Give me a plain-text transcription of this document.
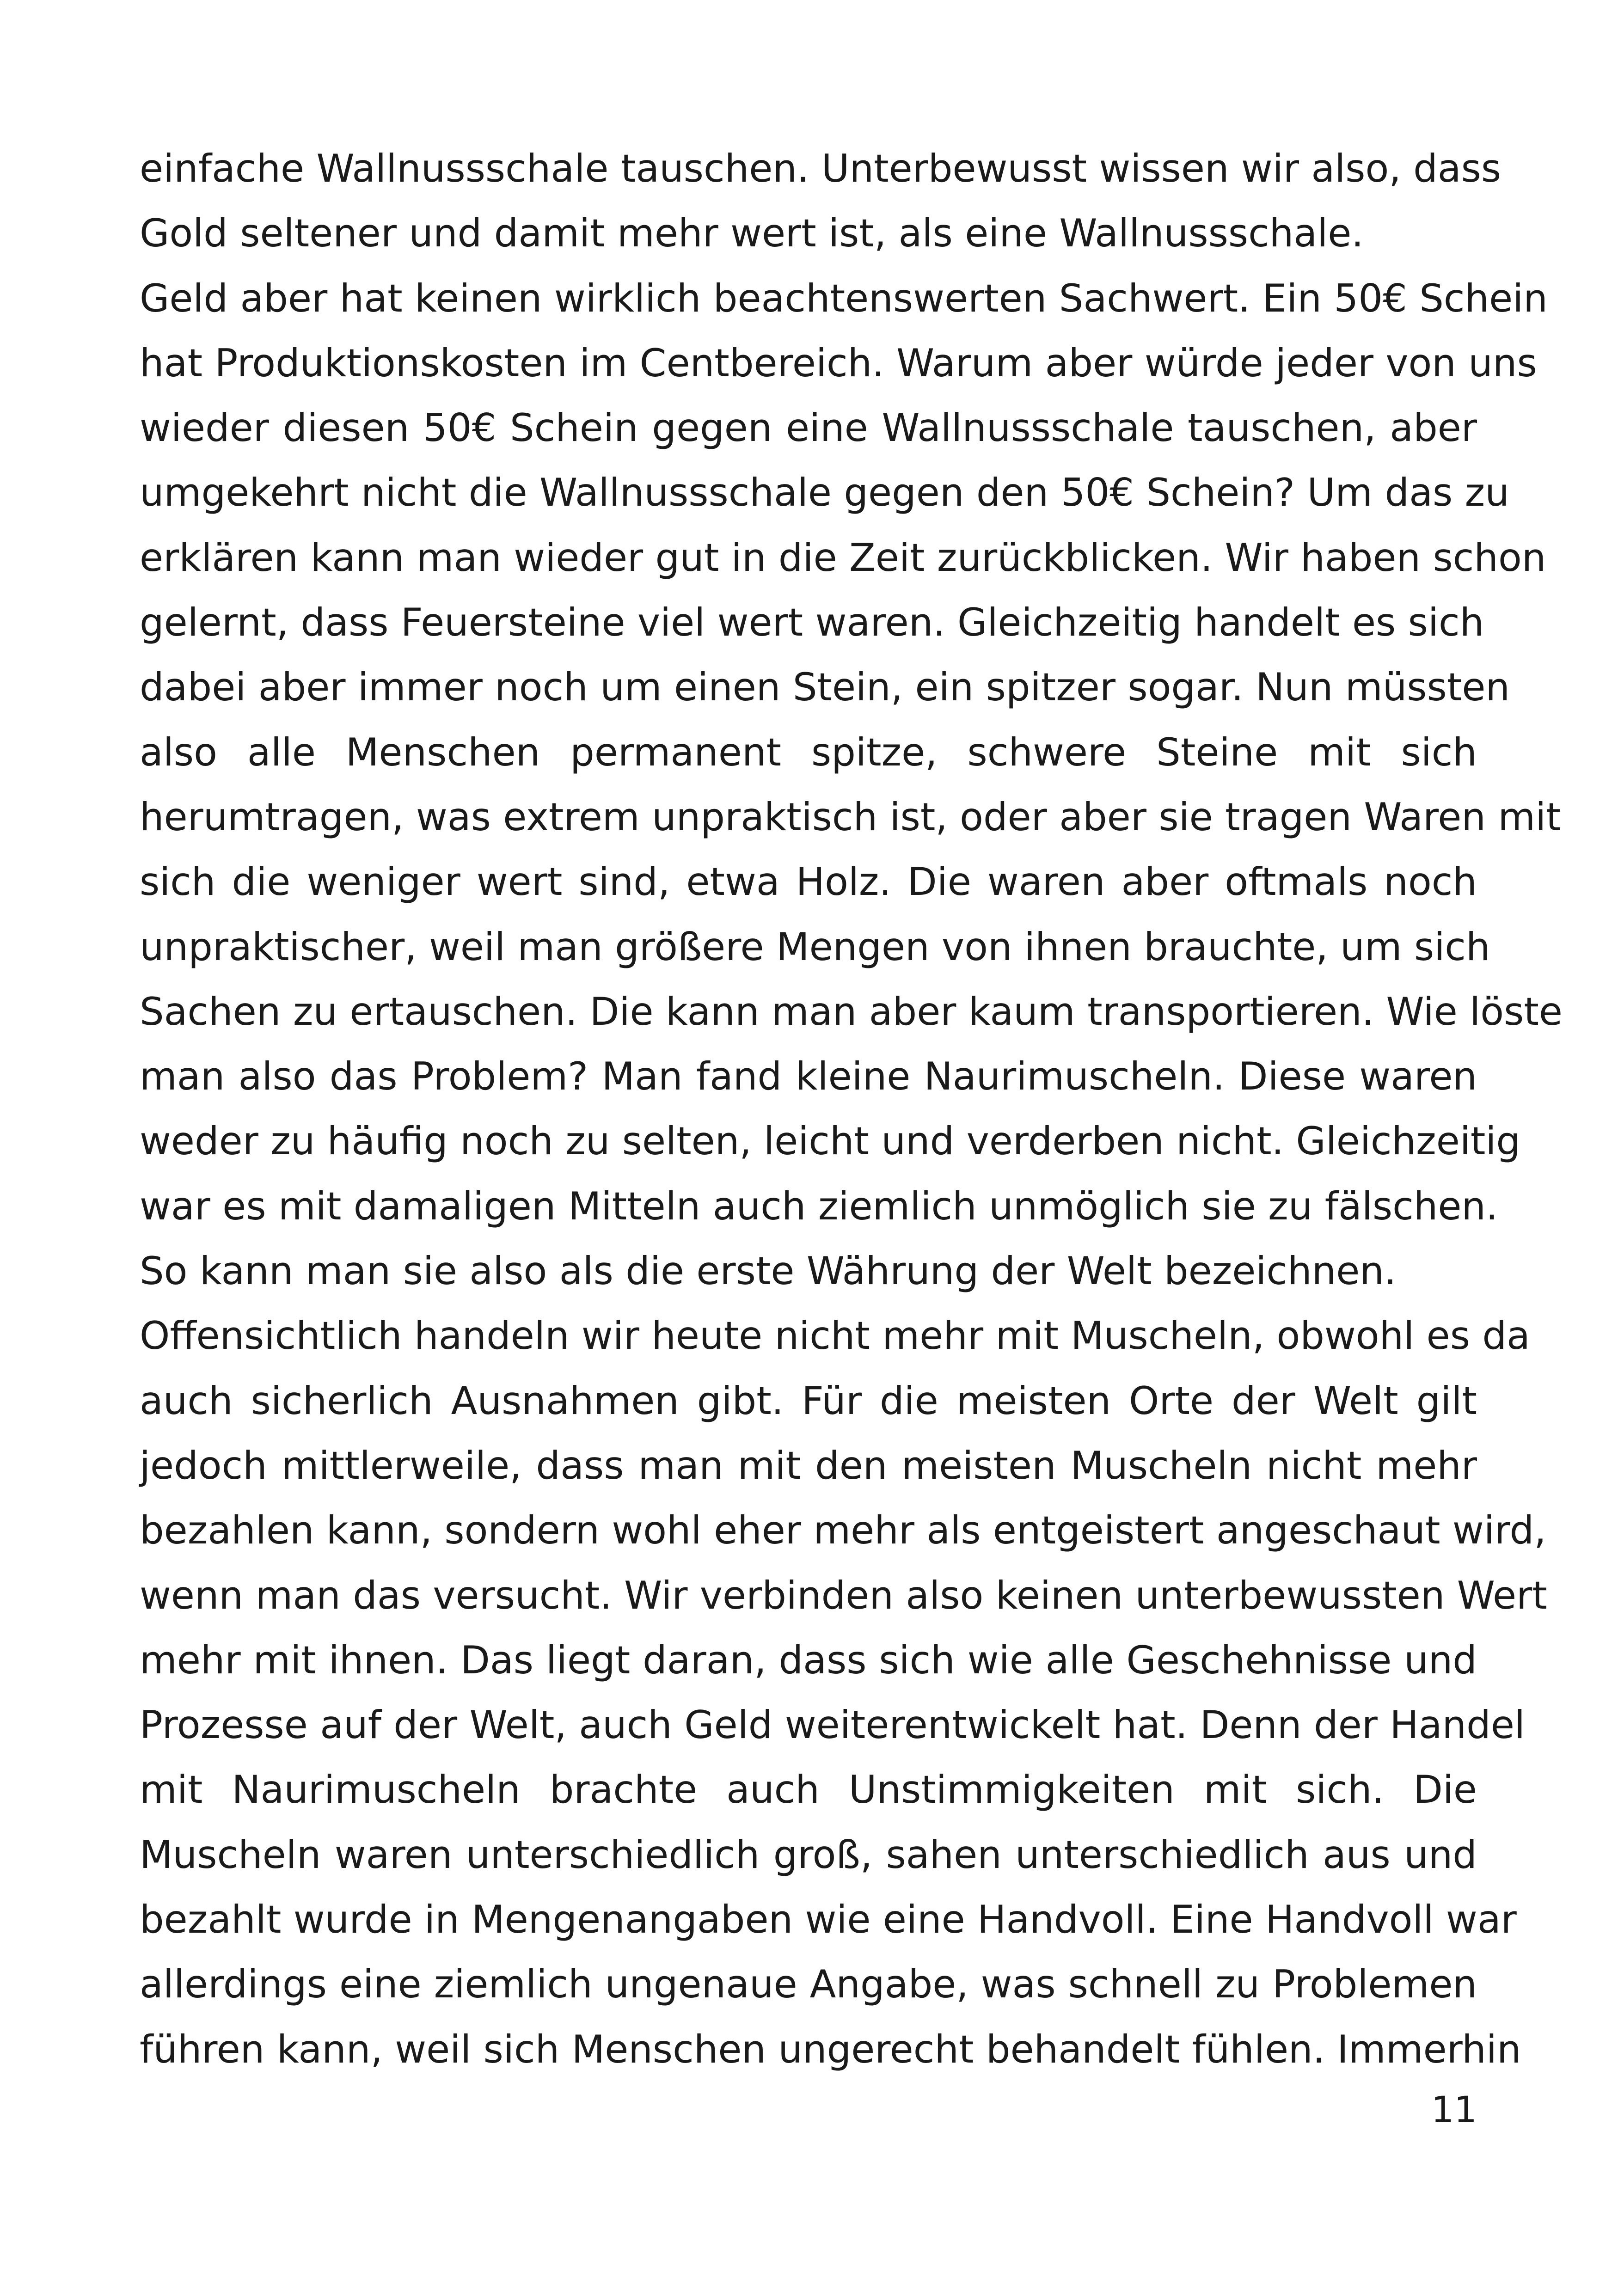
einfache Wallnussschale tauschen. Unterbewusst wissen wir also, dass
Gold seltener und damit mehr wert ist, als eine Wallnussschale.
Geld aber hat keinen wirklich beachtenswerten Sachwert. Ein 50€ Schein
hat Produktionskosten im Centbereich. Warum aber würde jeder von uns
wieder diesen 50€ Schein gegen eine Wallnussschale tauschen, aber
umgekehrt nicht die Wallnussschale gegen den 50€ Schein? Um das zu
erklären kann man wieder gut in die Zeit zurückblicken. Wir haben schon
gelernt, dass Feuersteine viel wert waren. Gleichzeitig handelt es sich
dabei aber immer noch um einen Stein, ein spitzer sogar. Nun müssten
also alle Menschen permanent spitze, schwere Steine mit sich
herumtragen, was extrem unpraktisch ist, oder aber sie tragen Waren mit
sich die weniger wert sind, etwa Holz. Die waren aber oftmals noch
unpraktischer, weil man größere Mengen von ihnen brauchte, um sich
Sachen zu ertauschen. Die kann man aber kaum transportieren. Wie löste
man also das Problem? Man fand kleine Naurimuscheln. Diese waren
weder zu häufig noch zu selten, leicht und verderben nicht. Gleichzeitig
war es mit damaligen Mitteln auch ziemlich unmöglich sie zu fälschen.
So kann man sie also als die erste Währung der Welt bezeichnen.
Offensichtlich handeln wir heute nicht mehr mit Muscheln, obwohl es da
auch sicherlich Ausnahmen gibt. Für die meisten Orte der Welt gilt
jedoch mittlerweile, dass man mit den meisten Muscheln nicht mehr
bezahlen kann, sondern wohl eher mehr als entgeistert angeschaut wird,
wenn man das versucht. Wir verbinden also keinen unterbewussten Wert
mehr mit ihnen. Das liegt daran, dass sich wie alle Geschehnisse und
Prozesse auf der Welt, auch Geld weiterentwickelt hat. Denn der Handel
mit Naurimuscheln brachte auch Unstimmigkeiten mit sich. Die
Muscheln waren unterschiedlich groß, sahen unterschiedlich aus und
bezahlt wurde in Mengenangaben wie eine Handvoll. Eine Handvoll war
allerdings eine ziemlich ungenaue Angabe, was schnell zu Problemen
führen kann, weil sich Menschen ungerecht behandelt fühlen. Immerhin
11
